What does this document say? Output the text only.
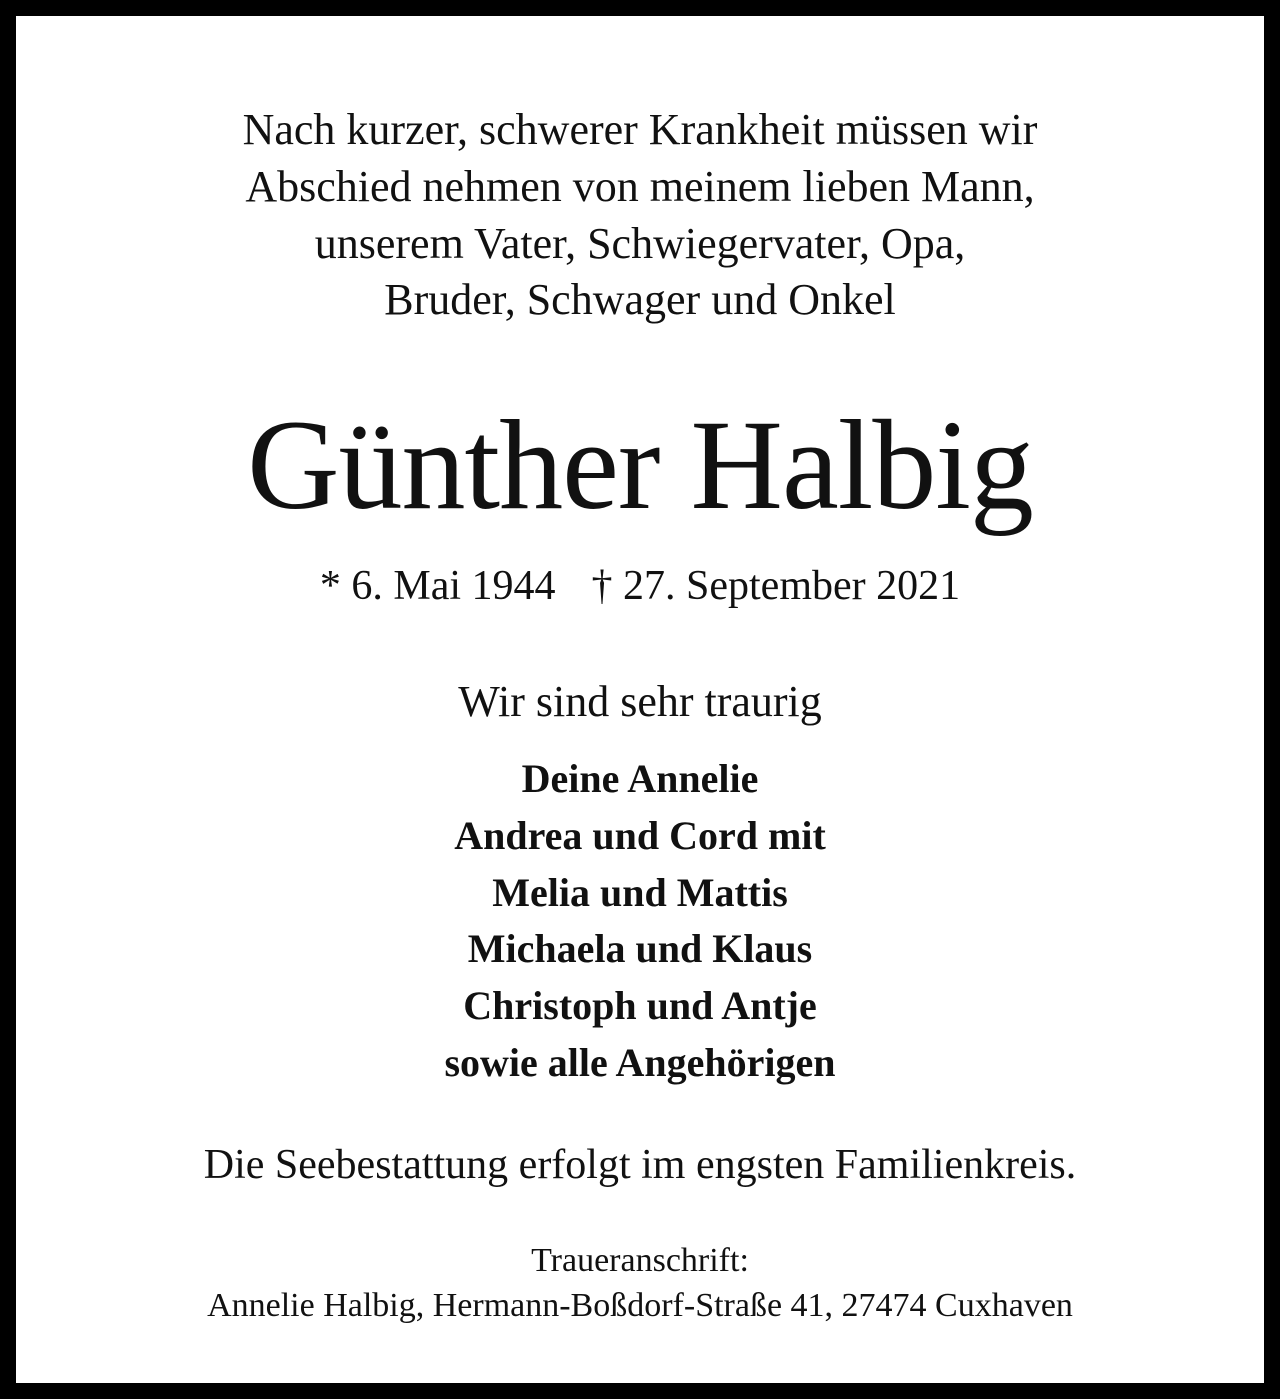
Nach kurzer, schwerer Krankheit müssen wir
Abschied nehmen von meinem lieben Mann,
unserem Vater, Schwiegervater, Opa,
Bruder, Schwager und Onkel
Günther Halbig
* 6. Mai 1944 † 27. September 2021
Wir sind sehr traurig
Deine Annelie
Andrea und Cord mit
Melia und Mattis
Michaela und Klaus
Christoph und Antje
sowie alle Angehörigen
Die Seebestattung erfolgt im engsten Familienkreis.
Traueranschrift:
Annelie Halbig, Hermann-Boßdorf-Straße 41, 27474 Cuxhaven
